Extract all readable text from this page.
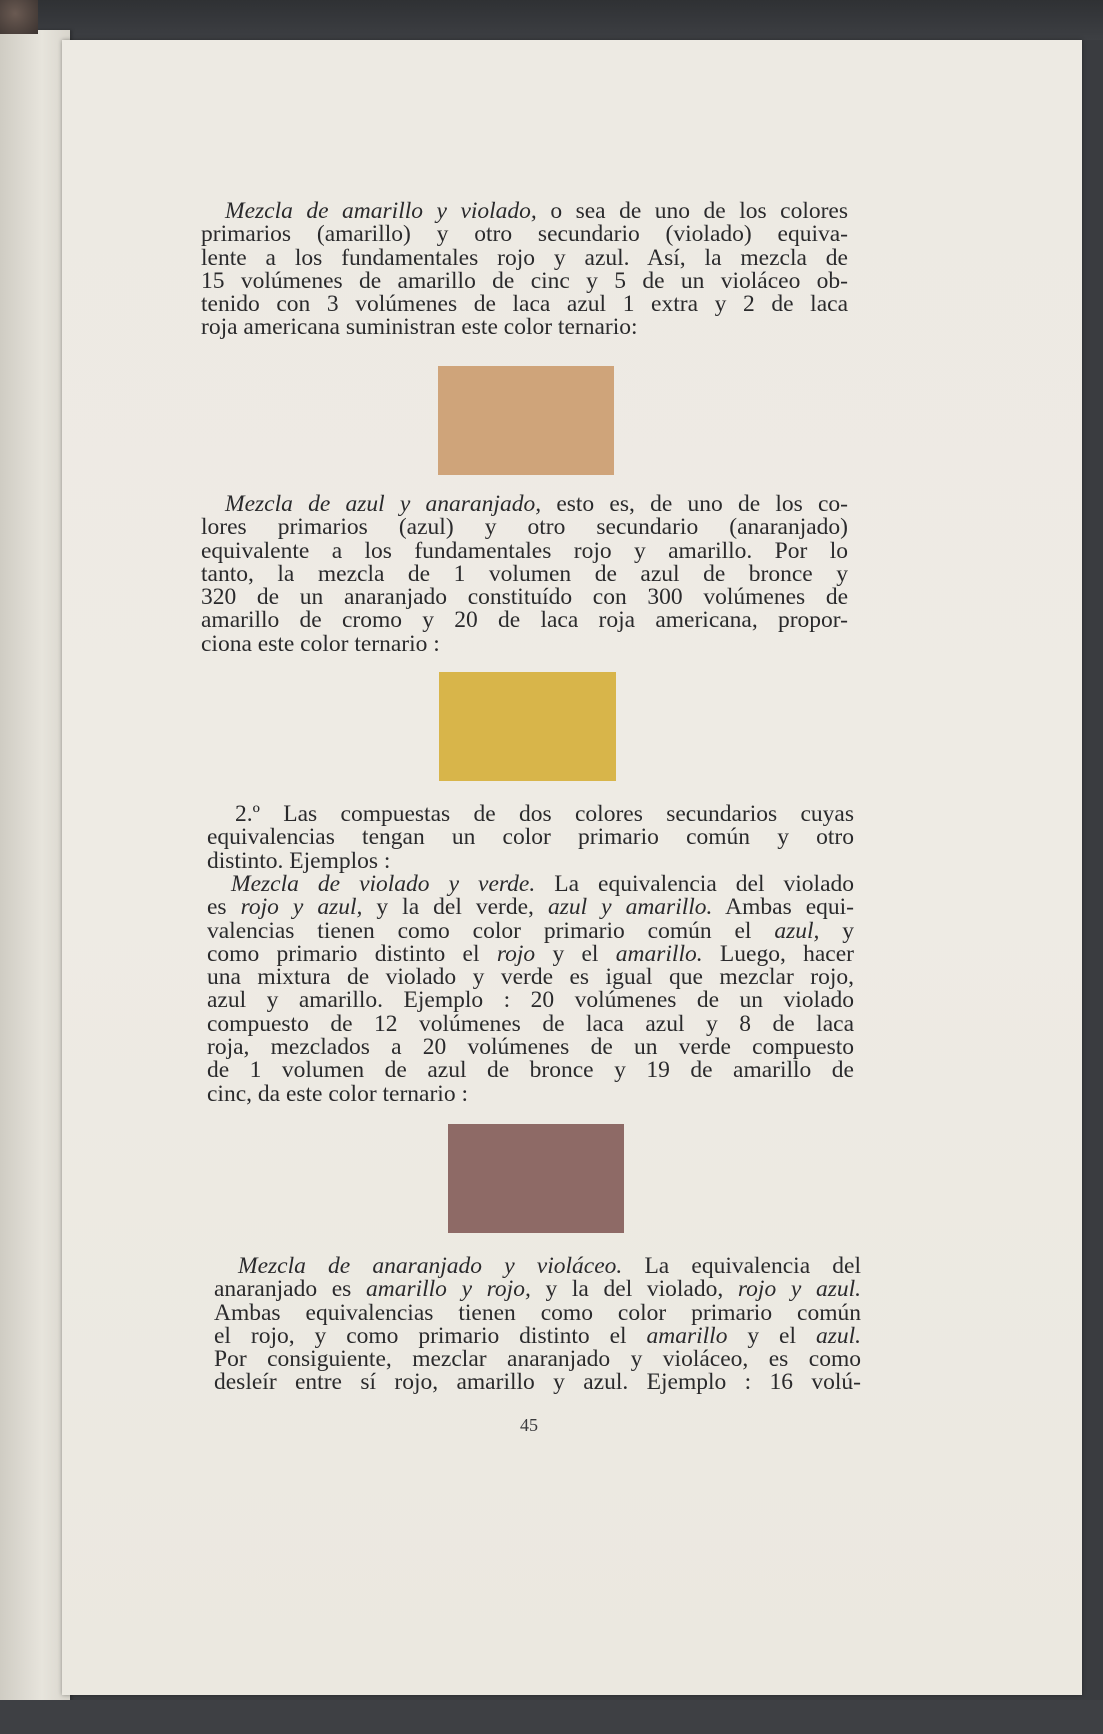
Mezcla de amarillo y violado, o sea de uno de los colores
primarios (amarillo) y otro secundario (violado) equiva-
lente a los fundamentales rojo y azul. Así, la mezcla de
15 volúmenes de amarillo de cinc y 5 de un violáceo ob-
tenido con 3 volúmenes de laca azul 1 extra y 2 de laca
roja americana suministran este color ternario:
Mezcla de azul y anaranjado, esto es, de uno de los co-
lores primarios (azul) y otro secundario (anaranjado)
equivalente a los fundamentales rojo y amarillo. Por lo
tanto, la mezcla de 1 volumen de azul de bronce y
320 de un anaranjado constituído con 300 volúmenes de
amarillo de cromo y 20 de laca roja americana, propor-
ciona este color ternario :
2.º Las compuestas de dos colores secundarios cuyas
equivalencias tengan un color primario común y otro
distinto. Ejemplos :
Mezcla de violado y verde. La equivalencia del violado
es rojo y azul, y la del verde, azul y amarillo. Ambas equi-
valencias tienen como color primario común el azul, y
como primario distinto el rojo y el amarillo. Luego, hacer
una mixtura de violado y verde es igual que mezclar rojo,
azul y amarillo. Ejemplo : 20 volúmenes de un violado
compuesto de 12 volúmenes de laca azul y 8 de laca
roja, mezclados a 20 volúmenes de un verde compuesto
de 1 volumen de azul de bronce y 19 de amarillo de
cinc, da este color ternario :
Mezcla de anaranjado y violáceo. La equivalencia del
anaranjado es amarillo y rojo, y la del violado, rojo y azul.
Ambas equivalencias tienen como color primario común
el rojo, y como primario distinto el amarillo y el azul.
Por consiguiente, mezclar anaranjado y violáceo, es como
desleír entre sí rojo, amarillo y azul. Ejemplo : 16 volú-
45
